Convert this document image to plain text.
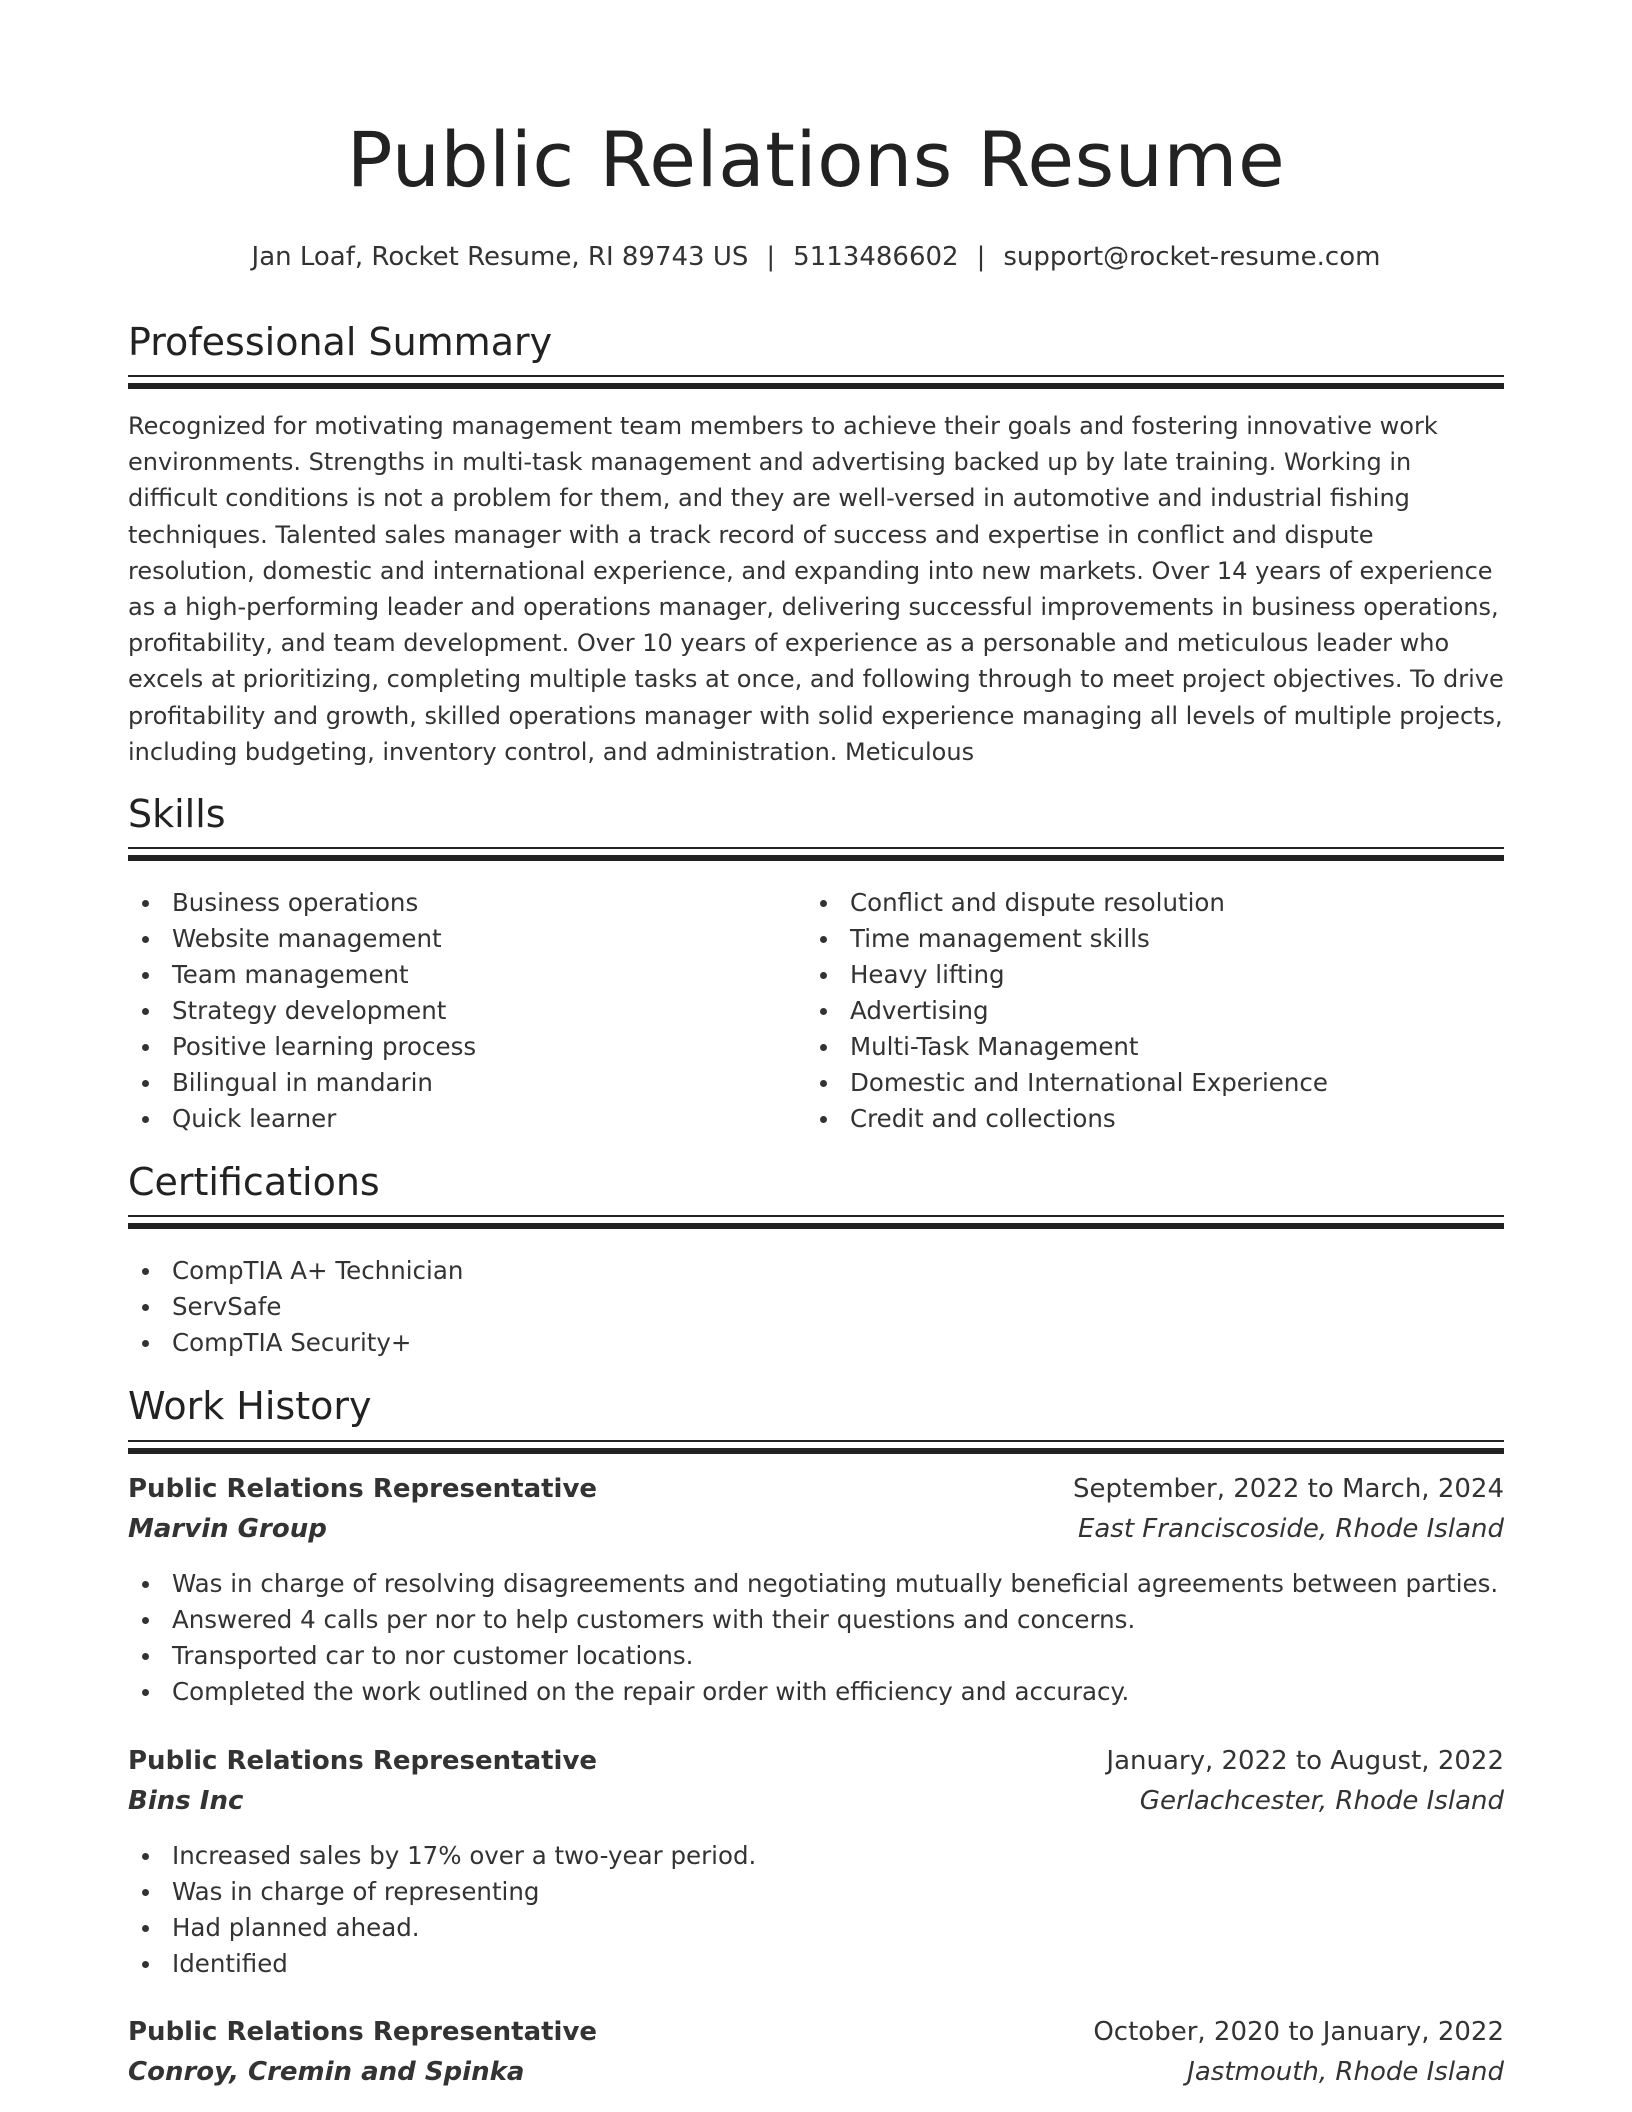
Public Relations Resume
Jan Loaf, Rocket Resume, RI 89743 US | 5113486602 | support@rocket-resume.com
Professional Summary

Recognized for motivating management team members to achieve their goals and fostering innovative work environments. Strengths in multi-task management and advertising backed up by late training. Working in difficult conditions is not a problem for them, and they are well-versed in automotive and industrial fishing techniques. Talented sales manager with a track record of success and expertise in conflict and dispute resolution, domestic and international experience, and expanding into new markets. Over 14 years of experience as a high-performing leader and operations manager, delivering successful improvements in business operations, profitability, and team development. Over 10 years of experience as a personable and meticulous leader who excels at prioritizing, completing multiple tasks at once, and following through to meet project objectives. To drive profitability and growth, skilled operations manager with solid experience managing all levels of multiple projects, including budgeting, inventory control, and administration. Meticulous

Skills
Business operations
Website management
Team management
Strategy development
Positive learning process
Bilingual in mandarin
Quick learner
Conflict and dispute resolution
Time management skills
Heavy lifting
Advertising
Multi-Task Management
Domestic and International Experience
Credit and collections
Certifications
CompTIA A+ Technician
ServSafe
CompTIA Security+
Work History
Public Relations Representative	September, 2022 to March, 2024
Marvin Group	East Franciscoside, Rhode Island
Was in charge of resolving disagreements and negotiating mutually beneficial agreements between parties.
Answered 4 calls per nor to help customers with their questions and concerns.
Transported car to nor customer locations.
Completed the work outlined on the repair order with efficiency and accuracy.
Public Relations Representative	January, 2022 to August, 2022
Bins Inc	Gerlachcester, Rhode Island
Increased sales by 17% over a two-year period.
Was in charge of representing
Had planned ahead.
Identified
Public Relations Representative	October, 2020 to January, 2022
Conroy, Cremin and Spinka	Jastmouth, Rhode Island
